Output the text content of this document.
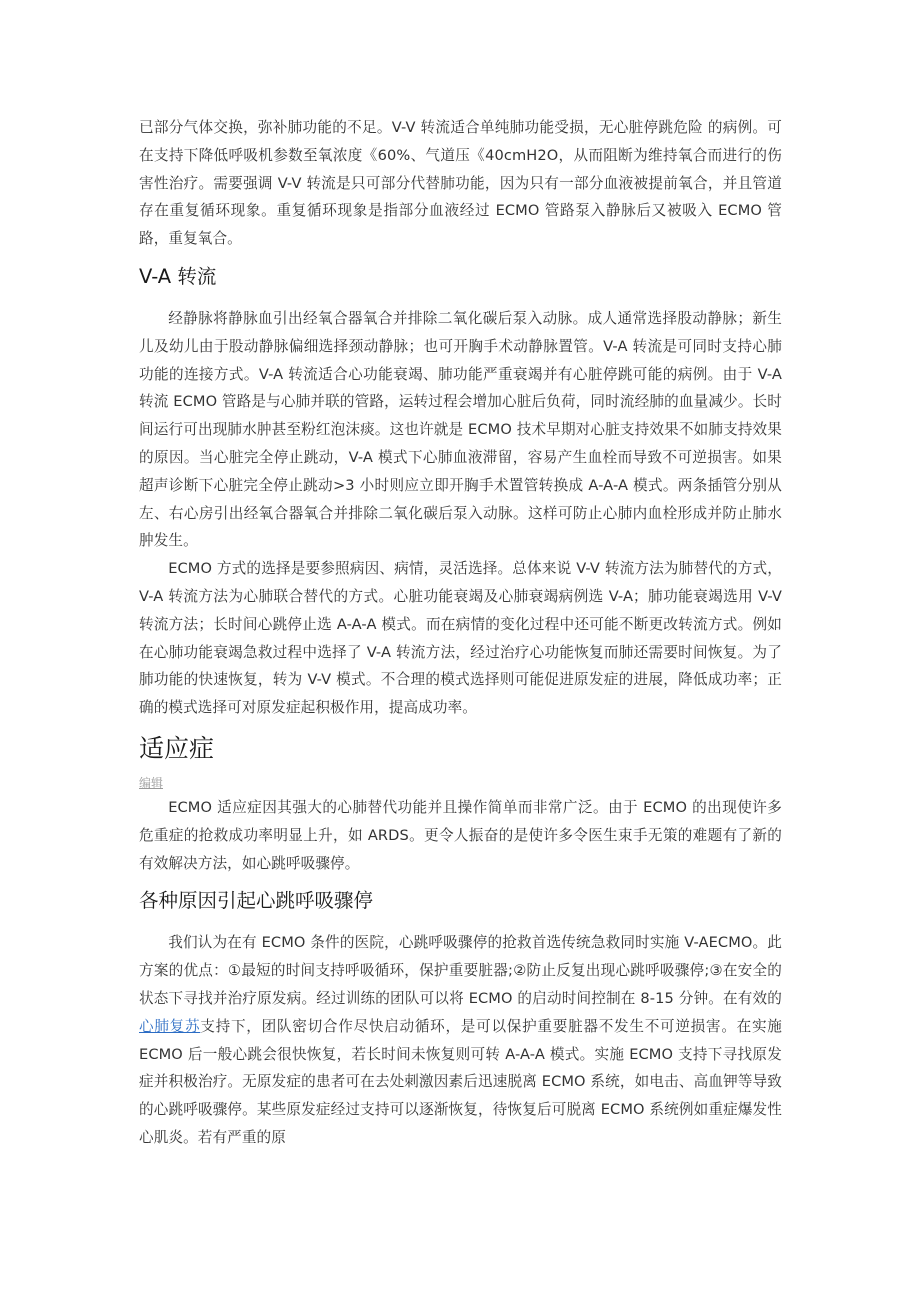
已部分气体交换，弥补肺功能的不足。V-V 转流适合单纯肺功能受损，无心脏停跳危险 的病例。可在支持下降低呼吸机参数至氧浓度《60%、气道压《40cmH2O，从而阻断为维持氧合而进行的伤害性治疗。需要强调 V-V 转流是只可部分代替肺功能，因为只有一部分血液被提前氧合，并且管道存在重复循环现象。重复循环现象是指部分血液经过 ECMO 管路泵入静脉后又被吸入 ECMO 管路，重复氧合。

V-A 转流

经静脉将静脉血引出经氧合器氧合并排除二氧化碳后泵入动脉。成人通常选择股动静脉；新生儿及幼儿由于股动静脉偏细选择颈动静脉；也可开胸手术动静脉置管。V-A 转流是可同时支持心肺功能的连接方式。V-A 转流适合心功能衰竭、肺功能严重衰竭并有心脏停跳可能的病例。由于 V-A 转流 ECMO 管路是与心肺并联的管路，运转过程会增加心脏后负荷，同时流经肺的血量减少。长时间运行可出现肺水肿甚至粉红泡沫痰。这也许就是 ECMO 技术早期对心脏支持效果不如肺支持效果的原因。当心脏完全停止跳动，V-A 模式下心肺血液滞留，容易产生血栓而导致不可逆损害。如果超声诊断下心脏完全停止跳动>3 小时则应立即开胸手术置管转换成 A-A-A 模式。两条插管分别从左、右心房引出经氧合器氧合并排除二氧化碳后泵入动脉。这样可防止心肺内血栓形成并防止肺水肿发生。

ECMO 方式的选择是要参照病因、病情，灵活选择。总体来说 V-V 转流方法为肺替代的方式，V-A 转流方法为心肺联合替代的方式。心脏功能衰竭及心肺衰竭病例选 V-A；肺功能衰竭选用 V-V 转流方法；长时间心跳停止选 A-A-A 模式。而在病情的变化过程中还可能不断更改转流方式。例如在心肺功能衰竭急救过程中选择了 V-A 转流方法，经过治疗心功能恢复而肺还需要时间恢复。为了肺功能的快速恢复，转为 V-V 模式。不合理的模式选择则可能促进原发症的进展，降低成功率；正确的模式选择可对原发症起积极作用，提高成功率。

适应症
编辑

ECMO 适应症因其强大的心肺替代功能并且操作简单而非常广泛。由于 ECMO 的出现使许多危重症的抢救成功率明显上升，如 ARDS。更令人振奋的是使许多令医生束手无策的难题有了新的有效解决方法，如心跳呼吸骤停。

各种原因引起心跳呼吸骤停

我们认为在有 ECMO 条件的医院，心跳呼吸骤停的抢救首选传统急救同时实施 V-AECMO。此方案的优点：①最短的时间支持呼吸循环，保护重要脏器;②防止反复出现心跳呼吸骤停;③在安全的状态下寻找并治疗原发病。经过训练的团队可以将 ECMO 的启动时间控制在 8-15 分钟。在有效的心肺复苏支持下，团队密切合作尽快启动循环，是可以保护重要脏器不发生不可逆损害。在实施 ECMO 后一般心跳会很快恢复，若长时间未恢复则可转 A-A-A 模式。实施 ECMO 支持下寻找原发症并积极治疗。无原发症的患者可在去处刺激因素后迅速脱离 ECMO 系统，如电击、高血钾等导致的心跳呼吸骤停。某些原发症经过支持可以逐渐恢复，待恢复后可脱离 ECMO 系统例如重症爆发性心肌炎。若有严重的原
